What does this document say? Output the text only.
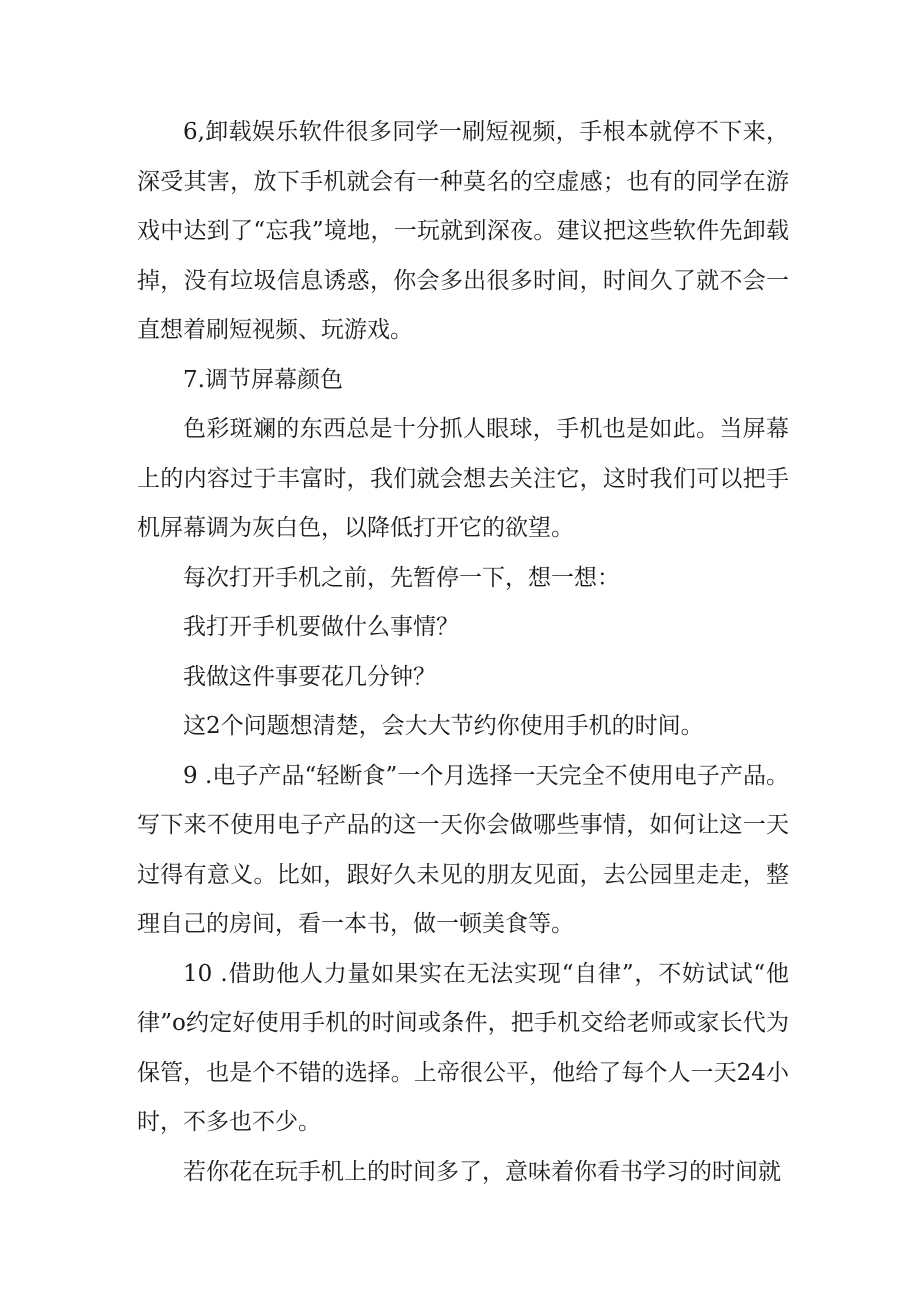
6,卸载娱乐软件很多同学一刷短视频，手根本就停不下来，深受其害，放下手机就会有一种莫名的空虚感；也有的同学在游戏中达到了“忘我”境地，一玩就到深夜。建议把这些软件先卸载掉，没有垃圾信息诱惑，你会多出很多时间，时间久了就不会一直想着刷短视频、玩游戏。

7.调节屏幕颜色

色彩斑斓的东西总是十分抓人眼球，手机也是如此。当屏幕上的内容过于丰富时，我们就会想去关注它，这时我们可以把手机屏幕调为灰白色，以降低打开它的欲望。

每次打开手机之前，先暂停一下，想一想：

我打开手机要做什么事情？

我做这件事要花几分钟？

这2个问题想清楚，会大大节约你使用手机的时间。

9 .电子产品“轻断食”一个月选择一天完全不使用电子产品。写下来不使用电子产品的这一天你会做哪些事情，如何让这一天过得有意义。比如，跟好久未见的朋友见面，去公园里走走，整理自己的房间，看一本书，做一顿美食等。

10 .借助他人力量如果实在无法实现“自律”，不妨试试“他律”o约定好使用手机的时间或条件，把手机交给老师或家长代为保管，也是个不错的选择。上帝很公平，他给了每个人一天24小时，不多也不少。

若你花在玩手机上的时间多了，意味着你看书学习的时间就
